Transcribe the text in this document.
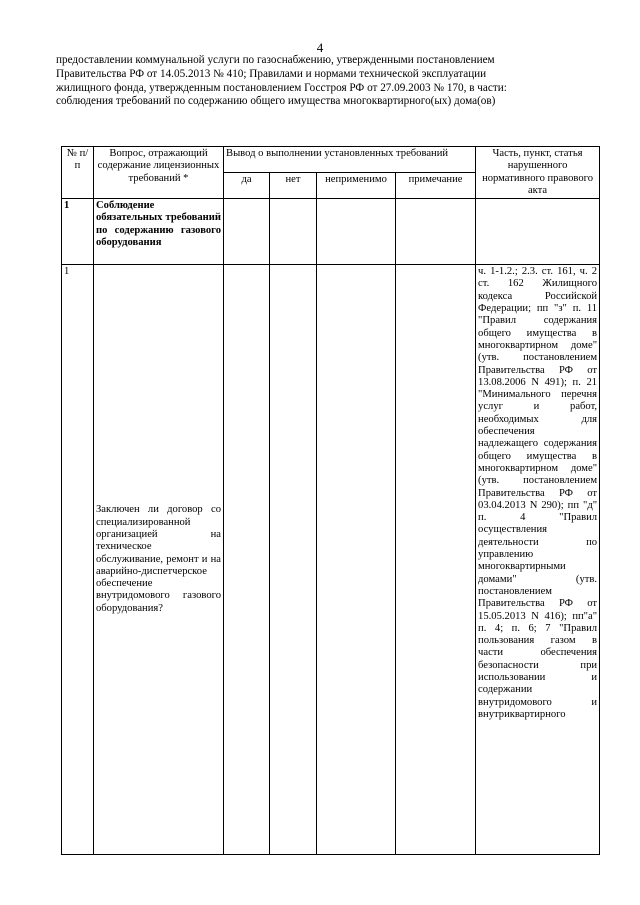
4
предоставлении коммунальной услуги по газоснабжению, утвержденными постановлением
Правительства РФ от 14.05.2013 № 410; Правилами и нормами технической эксплуатации
жилищного фонда, утвержденным постановлением Госстроя РФ от 27.09.2003 № 170, в части:
соблюдения требований по содержанию общего имущества многоквартирного(ых) дома(ов)
№ п/п	Вопрос, отражающий содержание лицензионных требований *	Вывод о выполнении установленных требований				Часть, пункт, статья нарушенного нормативного правового акта
		да	нет	неприменимо	примечание	
1	Соблюдение обязательных требований по содержанию газового оборудования					
1	Заключен ли договор со специализированной организацией на техническое обслуживание, ремонт и на аварийно-диспетчерское обеспечение внутридомового газового оборудования?					ч. 1-1.2.; 2.3. ст. 161, ч. 2 ст. 162 Жилищного кодекса Российской Федерации; пп "з" п. 11 "Правил содержания общего имущества в многоквартирном доме" (утв. постановлением Правительства РФ от 13.08.2006 N 491); п. 21 "Минимального перечня услуг и работ, необходимых для обеспечения надлежащего содержания общего имущества в многоквартирном доме" (утв. постановлением Правительства РФ от 03.04.2013 N 290); пп "д" п. 4 "Правил осуществления деятельности по управлению многоквартирными домами" (утв. постановлением Правительства РФ от 15.05.2013 N 416); пп"а" п. 4; п. 6; 7 "Правил пользования газом в части обеспечения безопасности при использовании и содержании внутридомового и внутриквартирного
